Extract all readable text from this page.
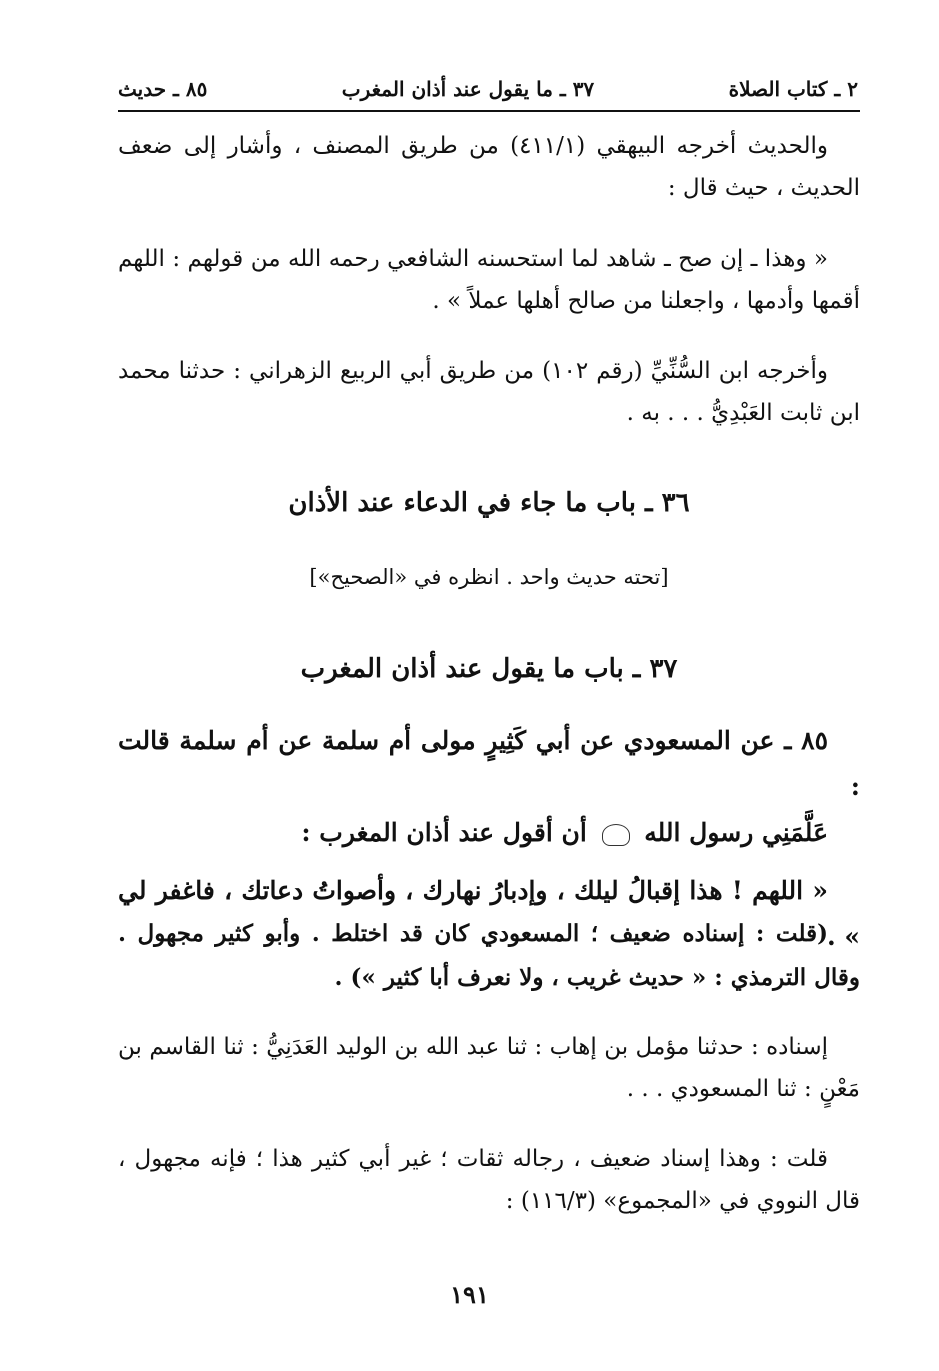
٢ ـ كتاب الصلاة
٣٧ ـ ما يقول عند أذان المغرب
٨٥ ـ حديث
والحديث أخرجه البيهقي (٤١١/١) من طريق المصنف ، وأشار إلى ضعف الحديث ، حيث قال :
« وهذا ـ إن صح ـ شاهد لما استحسنه الشافعي رحمه الله من قولهم : اللهم أقمها وأدمها ، واجعلنا من صالح أهلها عملاً » .
وأخرجه ابن السُّنِّيِّ (رقم ١٠٢) من طريق أبي الربيع الزهراني : حدثنا محمد ابن ثابت العَبْدِيُّ . . . به .
٣٦ ـ باب ما جاء في الدعاء عند الأذان
[تحته حديث واحد . انظره في «الصحيح»]
٣٧ ـ باب ما يقول عند أذان المغرب
٨٥ ـ عن المسعودي عن أبي كَثِيرٍ مولى أم سلمة عن أم سلمة قالت :
عَلَّمَنِي رسول الله  أن أقول عند أذان المغرب :
« اللهم ! هذا إقبالُ ليلك ، وإدبارُ نهارك ، وأصواتُ دعاتك ، فاغفر لي » .
(قلت : إسناده ضعيف ؛ المسعودي كان قد اختلط . وأبو كثير مجهول . وقال الترمذي : « حديث غريب ، ولا نعرف أبا كثير ») .
إسناده : حدثنا مؤمل بن إهاب : ثنا عبد الله بن الوليد العَدَنِيُّ : ثنا القاسم بن مَعْنٍ : ثنا المسعودي . . .
قلت : وهذا إسناد ضعيف ، رجاله ثقات ؛ غير أبي كثير هذا ؛ فإنه مجهول ، قال النووي في «المجموع» (١١٦/٣) :
١٩١
